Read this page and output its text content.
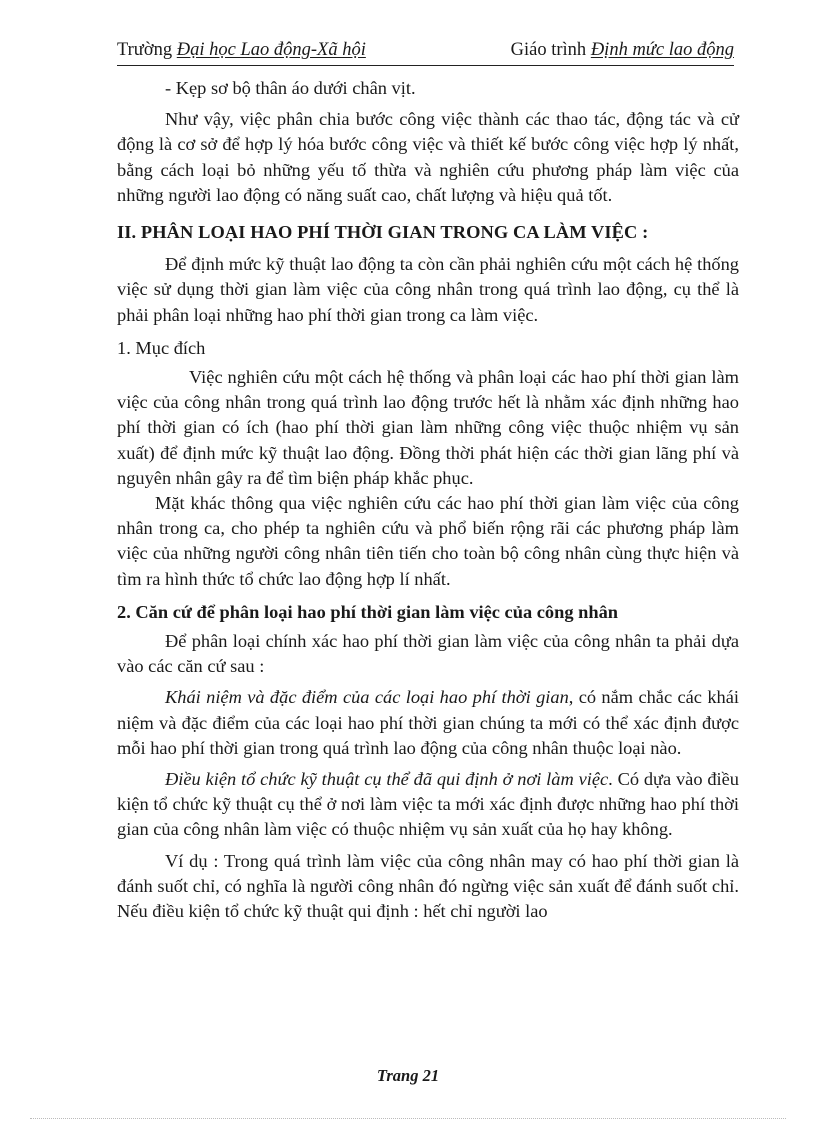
Trường Đại học Lao động-Xã hội	Giáo trình Định mức lao động

- Kẹp sơ bộ thân áo dưới chân vịt.

Như vậy, việc phân chia bước công việc thành các thao tác, động tác và cử động là cơ sở để hợp lý hóa bước công việc và thiết kế bước công việc hợp lý nhất, bằng cách loại bỏ những yếu tố thừa và nghiên cứu phương pháp làm việc của những người lao động có năng suất cao, chất lượng và hiệu quả tốt.

II. PHÂN LOẠI HAO PHÍ THỜI GIAN TRONG CA LÀM VIỆC :

Để định mức kỹ thuật lao động ta còn cần phải nghiên cứu một cách hệ thống việc sử dụng thời gian làm việc của công nhân trong quá trình lao động, cụ thể là phải phân loại những hao phí thời gian trong ca làm việc.

1. Mục đích

Việc nghiên cứu một cách hệ thống và phân loại các hao phí thời gian làm việc của công nhân trong quá trình lao động trước hết là nhằm xác định những hao phí thời gian có ích (hao phí thời gian làm những công việc thuộc nhiệm vụ sản xuất) để định mức kỹ thuật lao động. Đồng thời phát hiện các thời gian lãng phí và nguyên nhân gây ra để tìm biện pháp khắc phục.

Mặt khác thông qua việc nghiên cứu các hao phí thời gian làm việc của công nhân trong ca, cho phép ta nghiên cứu và phổ biến rộng rãi các phương pháp làm việc của những người công nhân tiên tiến cho toàn bộ công nhân cùng thực hiện và tìm ra hình thức tổ chức lao động hợp lí nhất.

2. Căn cứ để phân loại hao phí thời gian làm việc của công nhân

Để phân loại chính xác hao phí thời gian làm việc của công nhân ta phải dựa vào các căn cứ sau :

Khái niệm và đặc điểm của các loại hao phí thời gian, có nắm chắc các khái niệm và đặc điểm của các loại hao phí thời gian chúng ta mới có thể xác định được mỗi hao phí thời gian trong quá trình lao động của công nhân thuộc loại nào.

Điều kiện tổ chức kỹ thuật cụ thể đã qui định ở nơi làm việc. Có dựa vào điều kiện tổ chức kỹ thuật cụ thể ở nơi làm việc ta mới xác định được những hao phí thời gian của công nhân làm việc có thuộc nhiệm vụ sản xuất của họ hay không.

Ví dụ : Trong quá trình làm việc của công nhân may có hao phí thời gian là đánh suốt chỉ, có nghĩa là người công nhân đó ngừng việc sản xuất để đánh suốt chỉ. Nếu điều kiện tổ chức kỹ thuật qui định : hết chỉ người lao

Trang 21
